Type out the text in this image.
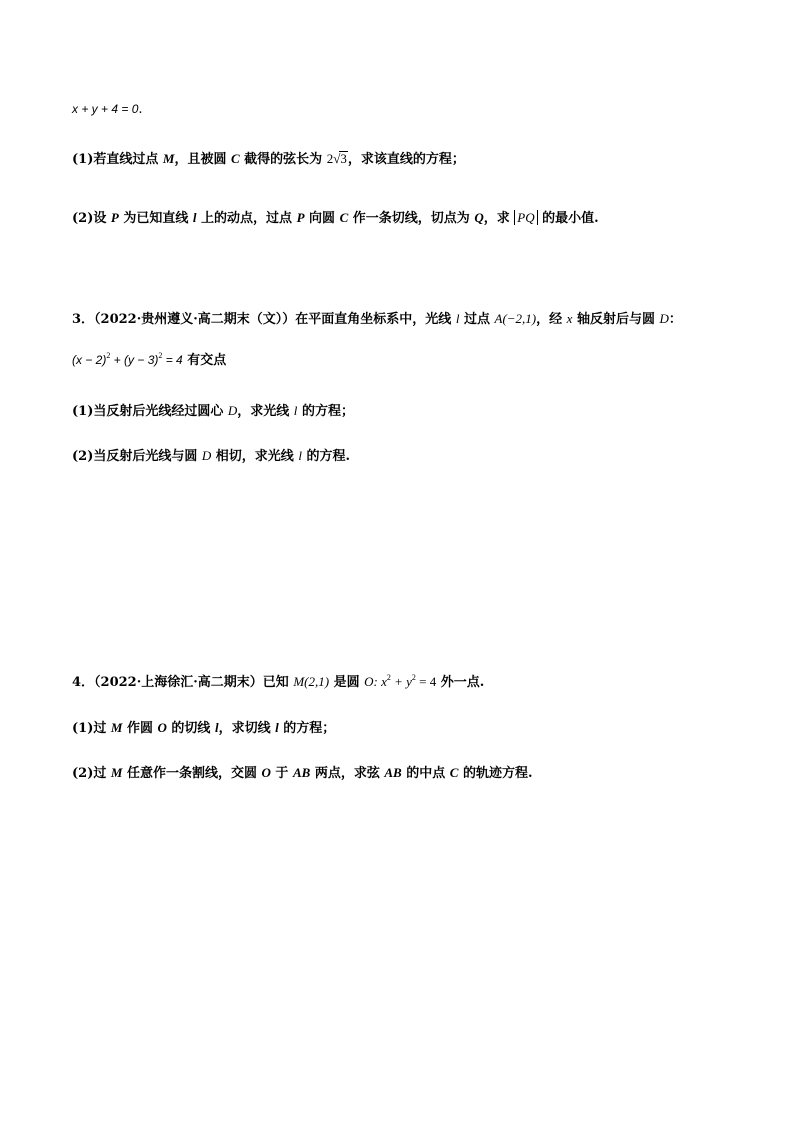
x + y + 4 = 0.
(1)若直线过点 M，且被圆 C 截得的弦长为 2√3，求该直线的方程；
(2)设 P 为已知直线 l 上的动点，过点 P 向圆 C 作一条切线，切点为 Q，求 PQ 的最小值.
3．（2022·贵州遵义·高二期末（文））在平面直角坐标系中，光线 l 过点 A(−2,1)，经 x 轴反射后与圆 D：
$(x - 2)^2 + (y - 3)^2 = 4$ 有交点
(1)当反射后光线经过圆心 D，求光线 l 的方程；
(2)当反射后光线与圆 D 相切，求光线 l 的方程.
4．（2022·上海徐汇·高二期末）已知 M(2,1) 是圆 O: $x^2 + y^2 = 4$ 外一点.
(1)过 M 作圆 O 的切线 l，求切线 l 的方程；
(2)过 M 任意作一条割线，交圆 O 于 AB 两点，求弦 AB 的中点 C 的轨迹方程.
